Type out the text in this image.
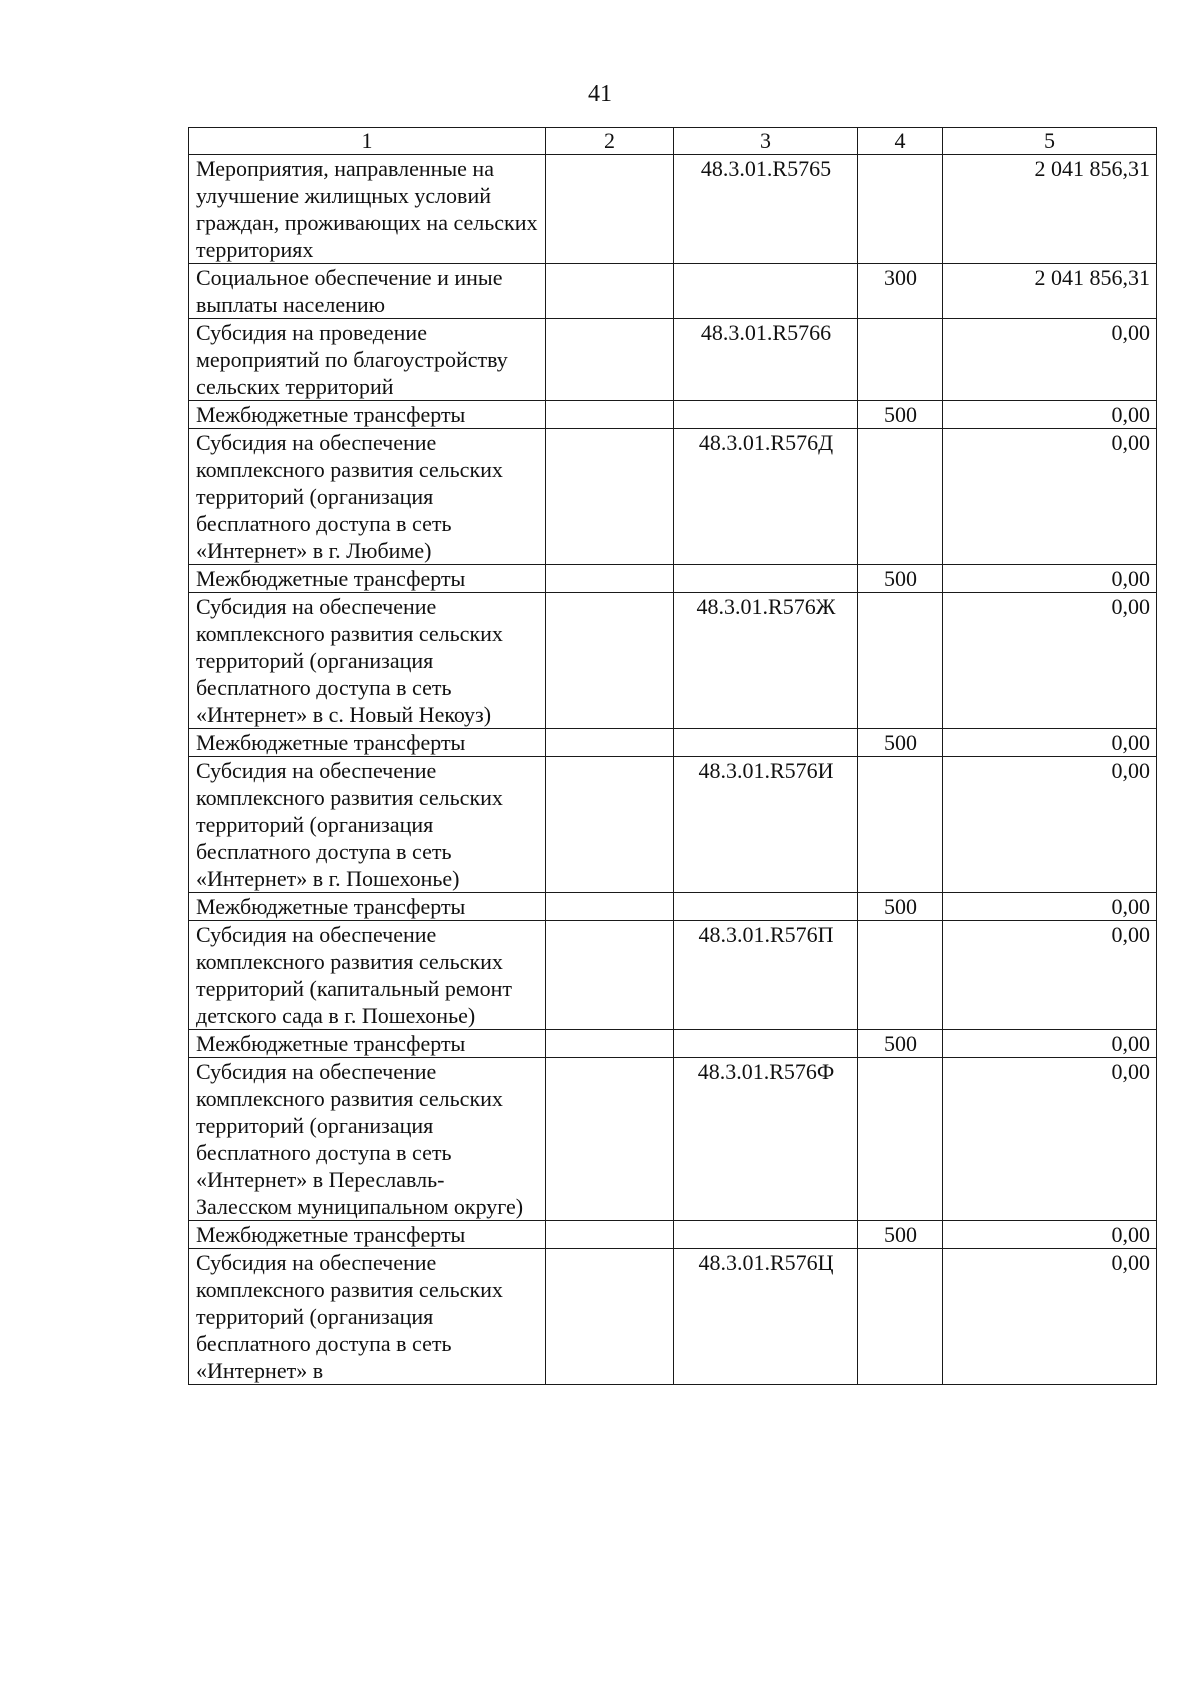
41
1	2	3	4	5
Мероприятия, направленные на улучшение жилищных условий граждан, проживающих на сельских территориях		48.3.01.R5765		2 041 856,31
Социальное обеспечение и иные выплаты населению			300	2 041 856,31
Субсидия на проведение мероприятий по благоустройству сельских территорий		48.3.01.R5766		0,00
Межбюджетные трансферты			500	0,00
Субсидия на обеспечение комплексного развития сельских территорий (организация бесплатного доступа в сеть «Интернет» в г. Любиме)		48.3.01.R576Д		0,00
Межбюджетные трансферты			500	0,00
Субсидия на обеспечение комплексного развития сельских территорий (организация бесплатного доступа в сеть «Интернет» в с. Новый Некоуз)		48.3.01.R576Ж		0,00
Межбюджетные трансферты			500	0,00
Субсидия на обеспечение комплексного развития сельских территорий (организация бесплатного доступа в сеть «Интернет» в г. Пошехонье)		48.3.01.R576И		0,00
Межбюджетные трансферты			500	0,00
Субсидия на обеспечение комплексного развития сельских территорий (капитальный ремонт детского сада в г. Пошехонье)		48.3.01.R576П		0,00
Межбюджетные трансферты			500	0,00
Субсидия на обеспечение комплексного развития сельских территорий (организация бесплатного доступа в сеть «Интернет» в Переславль-Залесском муниципальном округе)		48.3.01.R576Ф		0,00
Межбюджетные трансферты			500	0,00
Субсидия на обеспечение комплексного развития сельских территорий (организация бесплатного доступа в сеть «Интернет» в		48.3.01.R576Ц		0,00
